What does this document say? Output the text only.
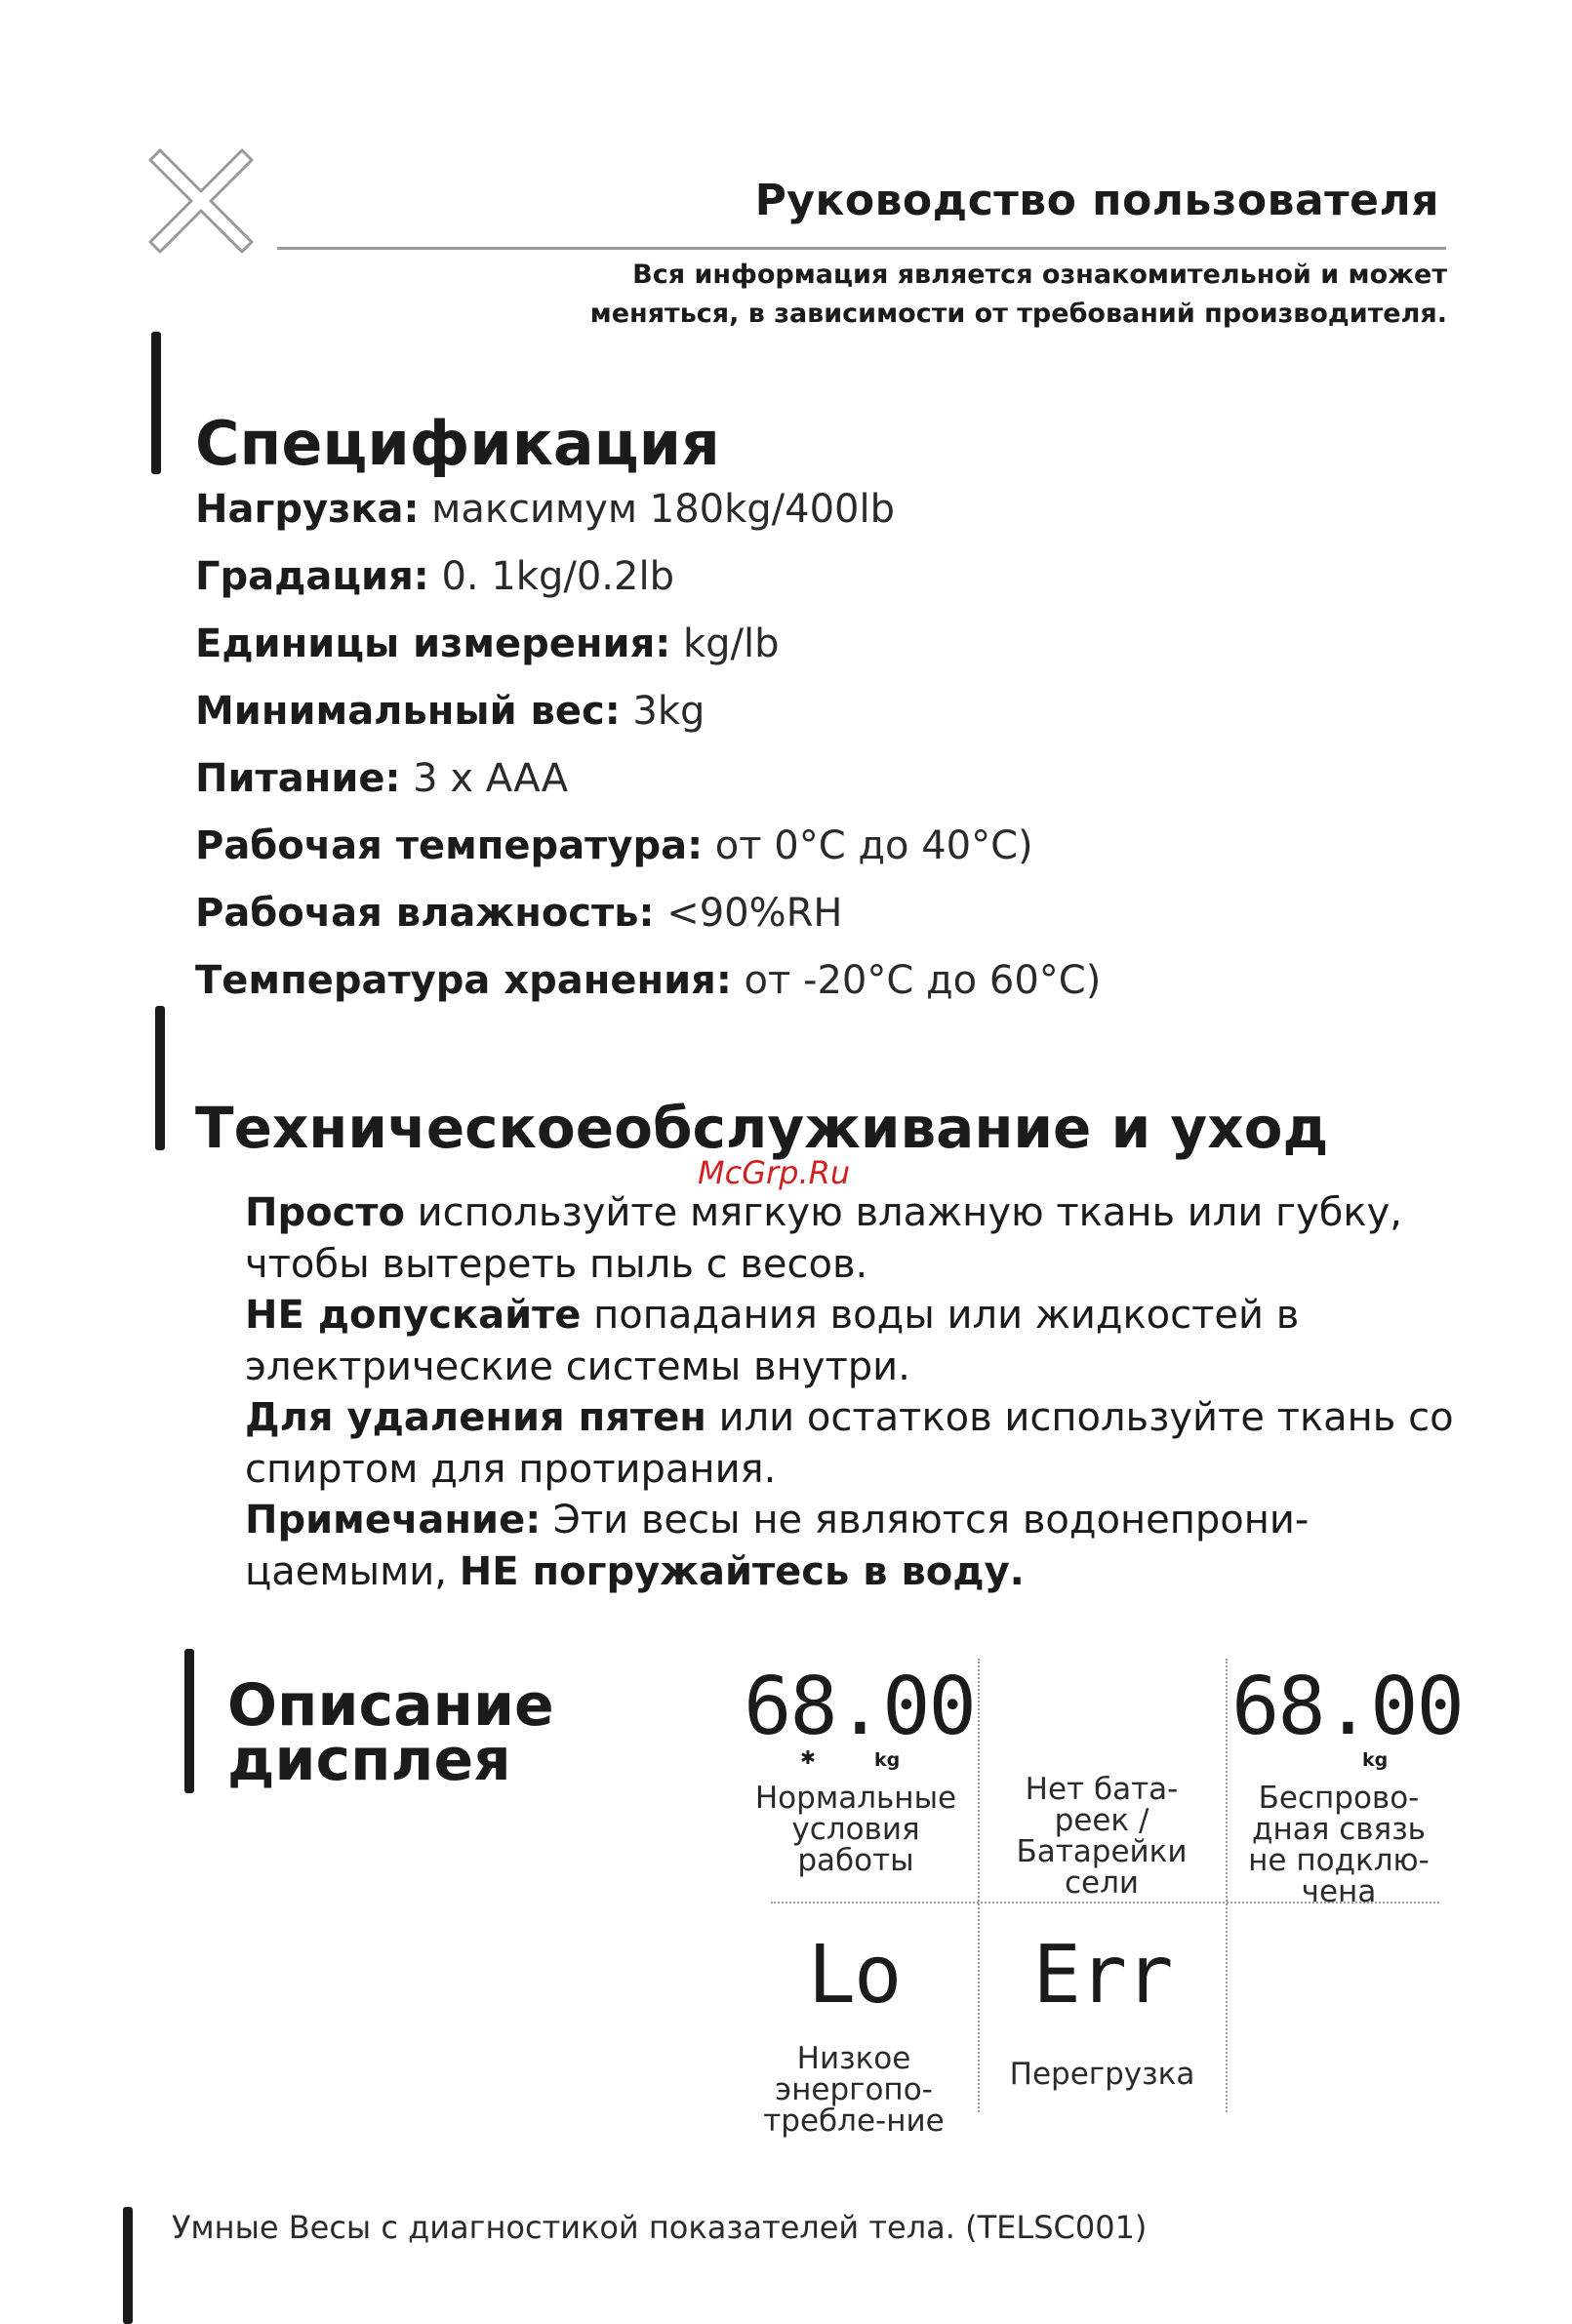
Руководство пользователя
Вся информация является ознакомительной и может
меняться, в зависимости от требований производителя.
Спецификация
Нагрузка: максимум 180kg/400lb
Градация: 0. 1kg/0.2lb
Единицы измерения: kg/lb
Минимальный вес: 3kg
Питание: 3 x AAA
Рабочая температура: от 0°C до 40°C)
Рабочая влажность: <90%RH
Температура хранения: от -20°C до 60°C)
Техническоеобслуживание и уход
McGrp.Ru
Просто используйте мягкую влажную ткань или губку, чтобы вытереть пыль с весов.
НЕ допускайте попадания воды или жидкостей в электрические системы внутри.
Для удаления пятен или остатков используйте ткань со спиртом для протирания.
Примечание: Эти весы не являются водонепрони-цаемыми, НЕ погружайтесь в воду.
Описание
дисплея
68.00
✱	kg
Нормальные условия работы
Нет бата-реек / Батарейки сели
68.00
kg
Беспрово-дная связь не подклю-чена
Lo
Низкое энергопо-требле-ние
Err
Перегрузка
Умные Весы с диагностикой показателей тела. (TELSC001)
